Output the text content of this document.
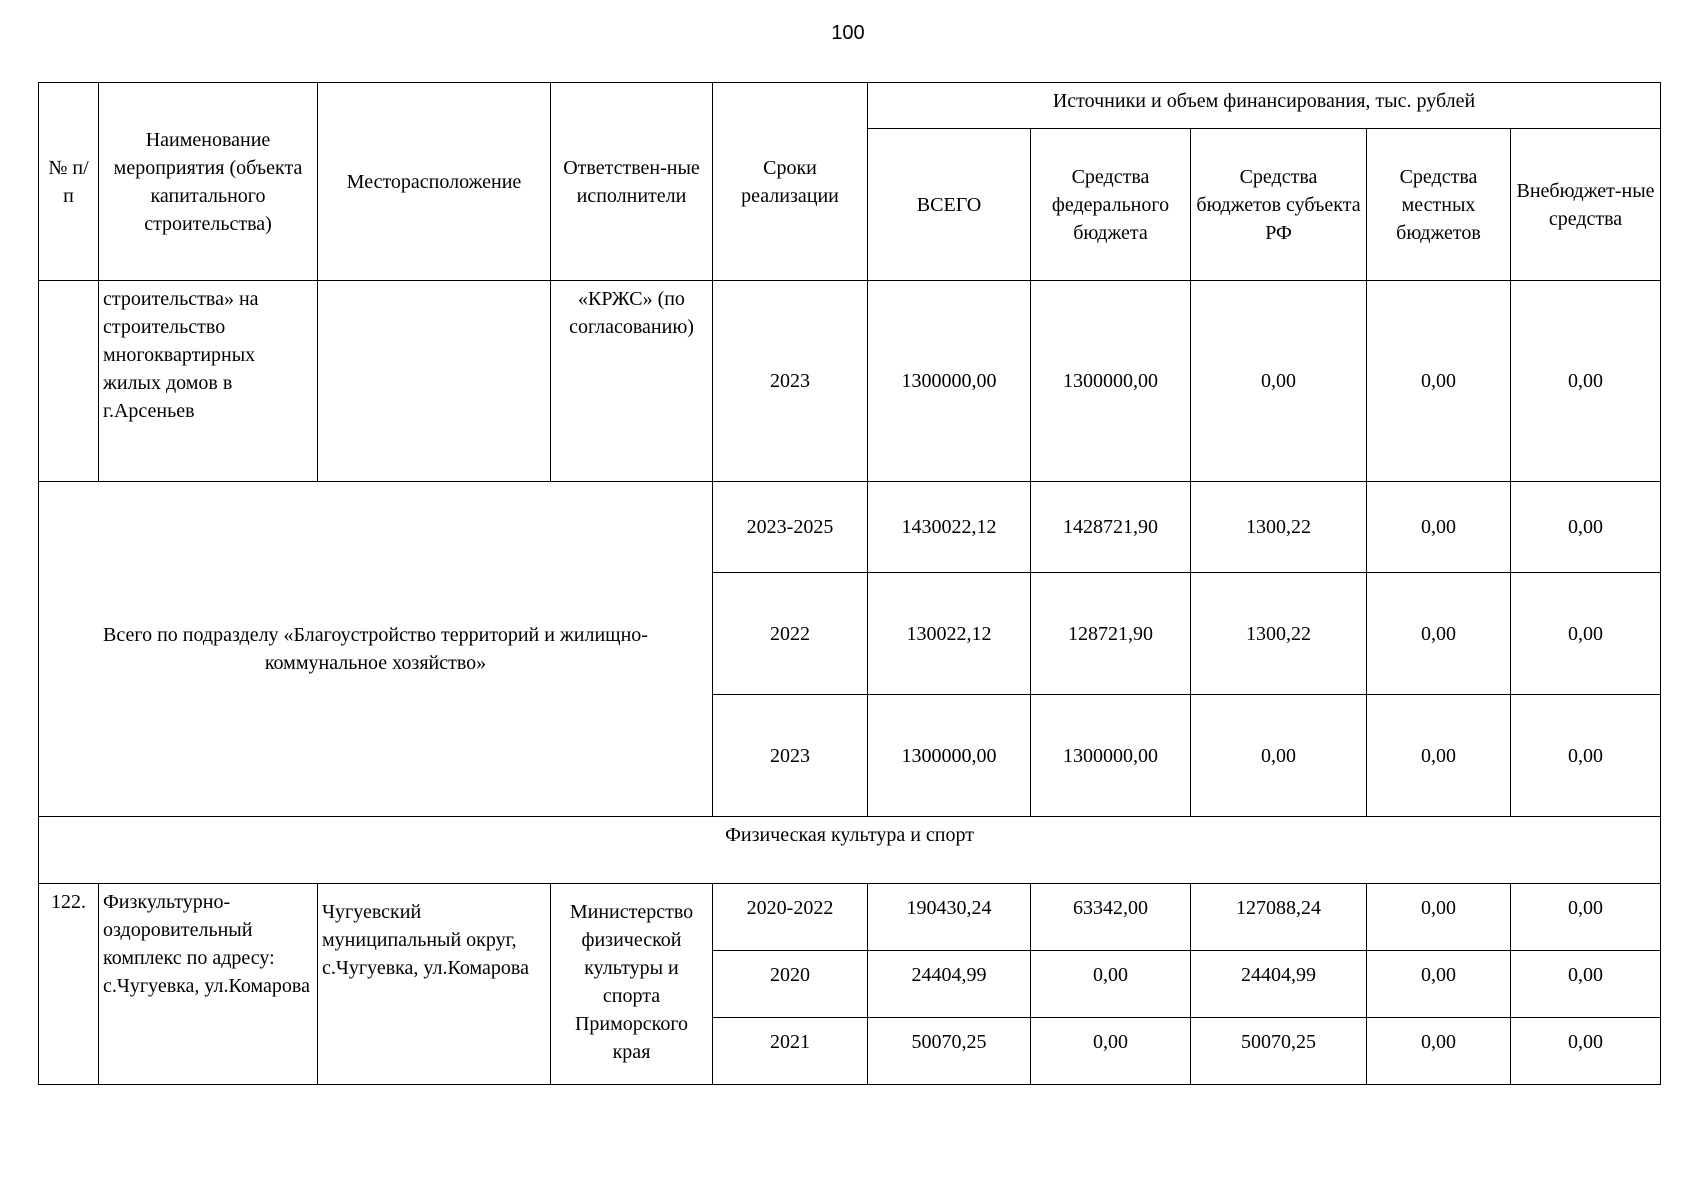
100
№ п/п	Наименование мероприятия (объекта капитального строительства)	Месторасположение	Ответствен-ные исполнители	Сроки реализации	Источники и объем финансирования, тыс. рублей				
					ВСЕГО	Средства федерального бюджета	Средства бюджетов субъекта РФ	Средства местных бюджетов	Внебюджет-ные средства
	строительства» на строительство многоквартирных жилых домов в г.Арсеньев		«КРЖС» (по согласованию)	2023	1300000,00	1300000,00	0,00	0,00	0,00
Всего по подразделу «Благоустройство территорий и жилищно-коммунальное хозяйство»				2023-2025	1430022,12	1428721,90	1300,22	0,00	0,00
				2022	130022,12	128721,90	1300,22	0,00	0,00
				2023	1300000,00	1300000,00	0,00	0,00	0,00
Физическая культура и спорт									
122.	Физкультурно-оздоровительный комплекс по адресу: с.Чугуевка, ул.Комарова	Чугуевский муниципальный округ, с.Чугуевка, ул.Комарова	Министерство физической культуры и спорта Приморского края	2020-2022	190430,24	63342,00	127088,24	0,00	0,00
				2020	24404,99	0,00	24404,99	0,00	0,00
				2021	50070,25	0,00	50070,25	0,00	0,00
